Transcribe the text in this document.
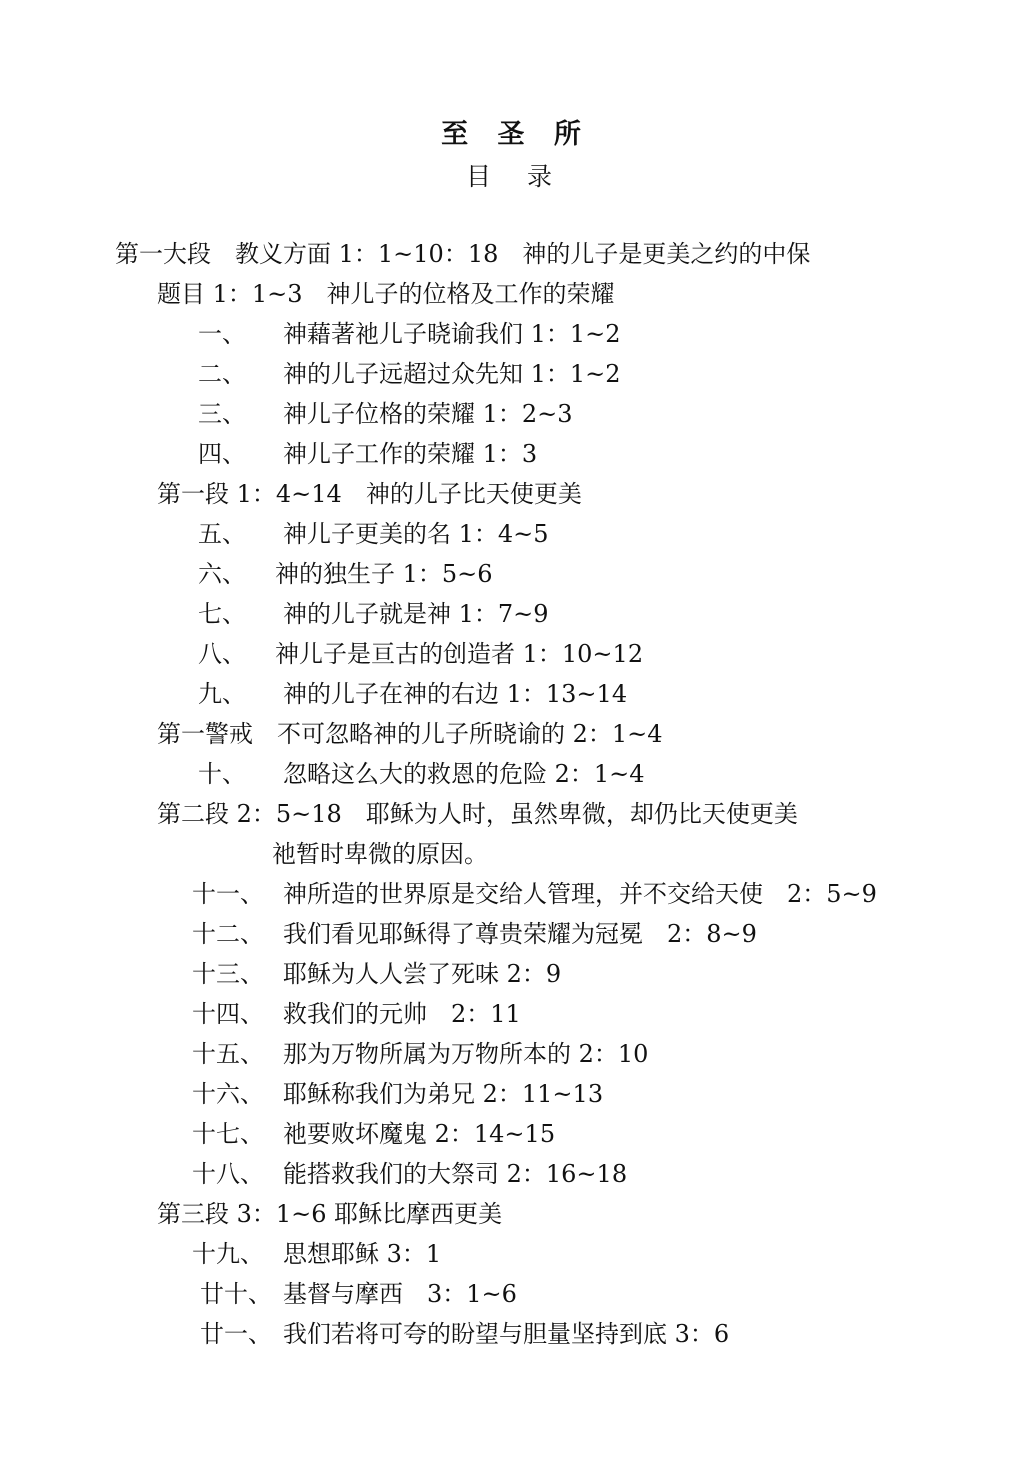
至 圣 所
目 录
第一大段　教义方面 1：1~10：18　神的儿子是更美之约的中保
题目 1：1~3　神儿子的位格及工作的荣耀
一、 神藉著祂儿子晓谕我们 1：1~2
二、 神的儿子远超过众先知 1：1~2
三、 神儿子位格的荣耀 1：2~3
四、 神儿子工作的荣耀 1：3
第一段 1：4~14　神的儿子比天使更美
五、 神儿子更美的名 1：4~5
六、 神的独生子 1：5~6
七、 神的儿子就是神 1：7~9
八、 神儿子是亘古的创造者 1：10~12
九、 神的儿子在神的右边 1：13~14
第一警戒　不可忽略神的儿子所晓谕的 2：1~4
十、 忽略这么大的救恩的危险 2：1~4
第二段 2：5~18　耶稣为人时，虽然卑微，却仍比天使更美
祂暂时卑微的原因。
十一、 神所造的世界原是交给人管理，并不交给天使　2：5~9
十二、 我们看见耶稣得了尊贵荣耀为冠冕　2：8~9
十三、 耶稣为人人尝了死味 2：9
十四、 救我们的元帅　2：11
十五、 那为万物所属为万物所本的 2：10
十六、 耶稣称我们为弟兄 2：11~13
十七、 祂要败坏魔鬼 2：14~15
十八、 能搭救我们的大祭司 2：16~18
第三段 3：1~6 耶稣比摩西更美
十九、 思想耶稣 3：1
廿十、 基督与摩西　3：1~6
廿一、 我们若将可夸的盼望与胆量坚持到底 3：6
